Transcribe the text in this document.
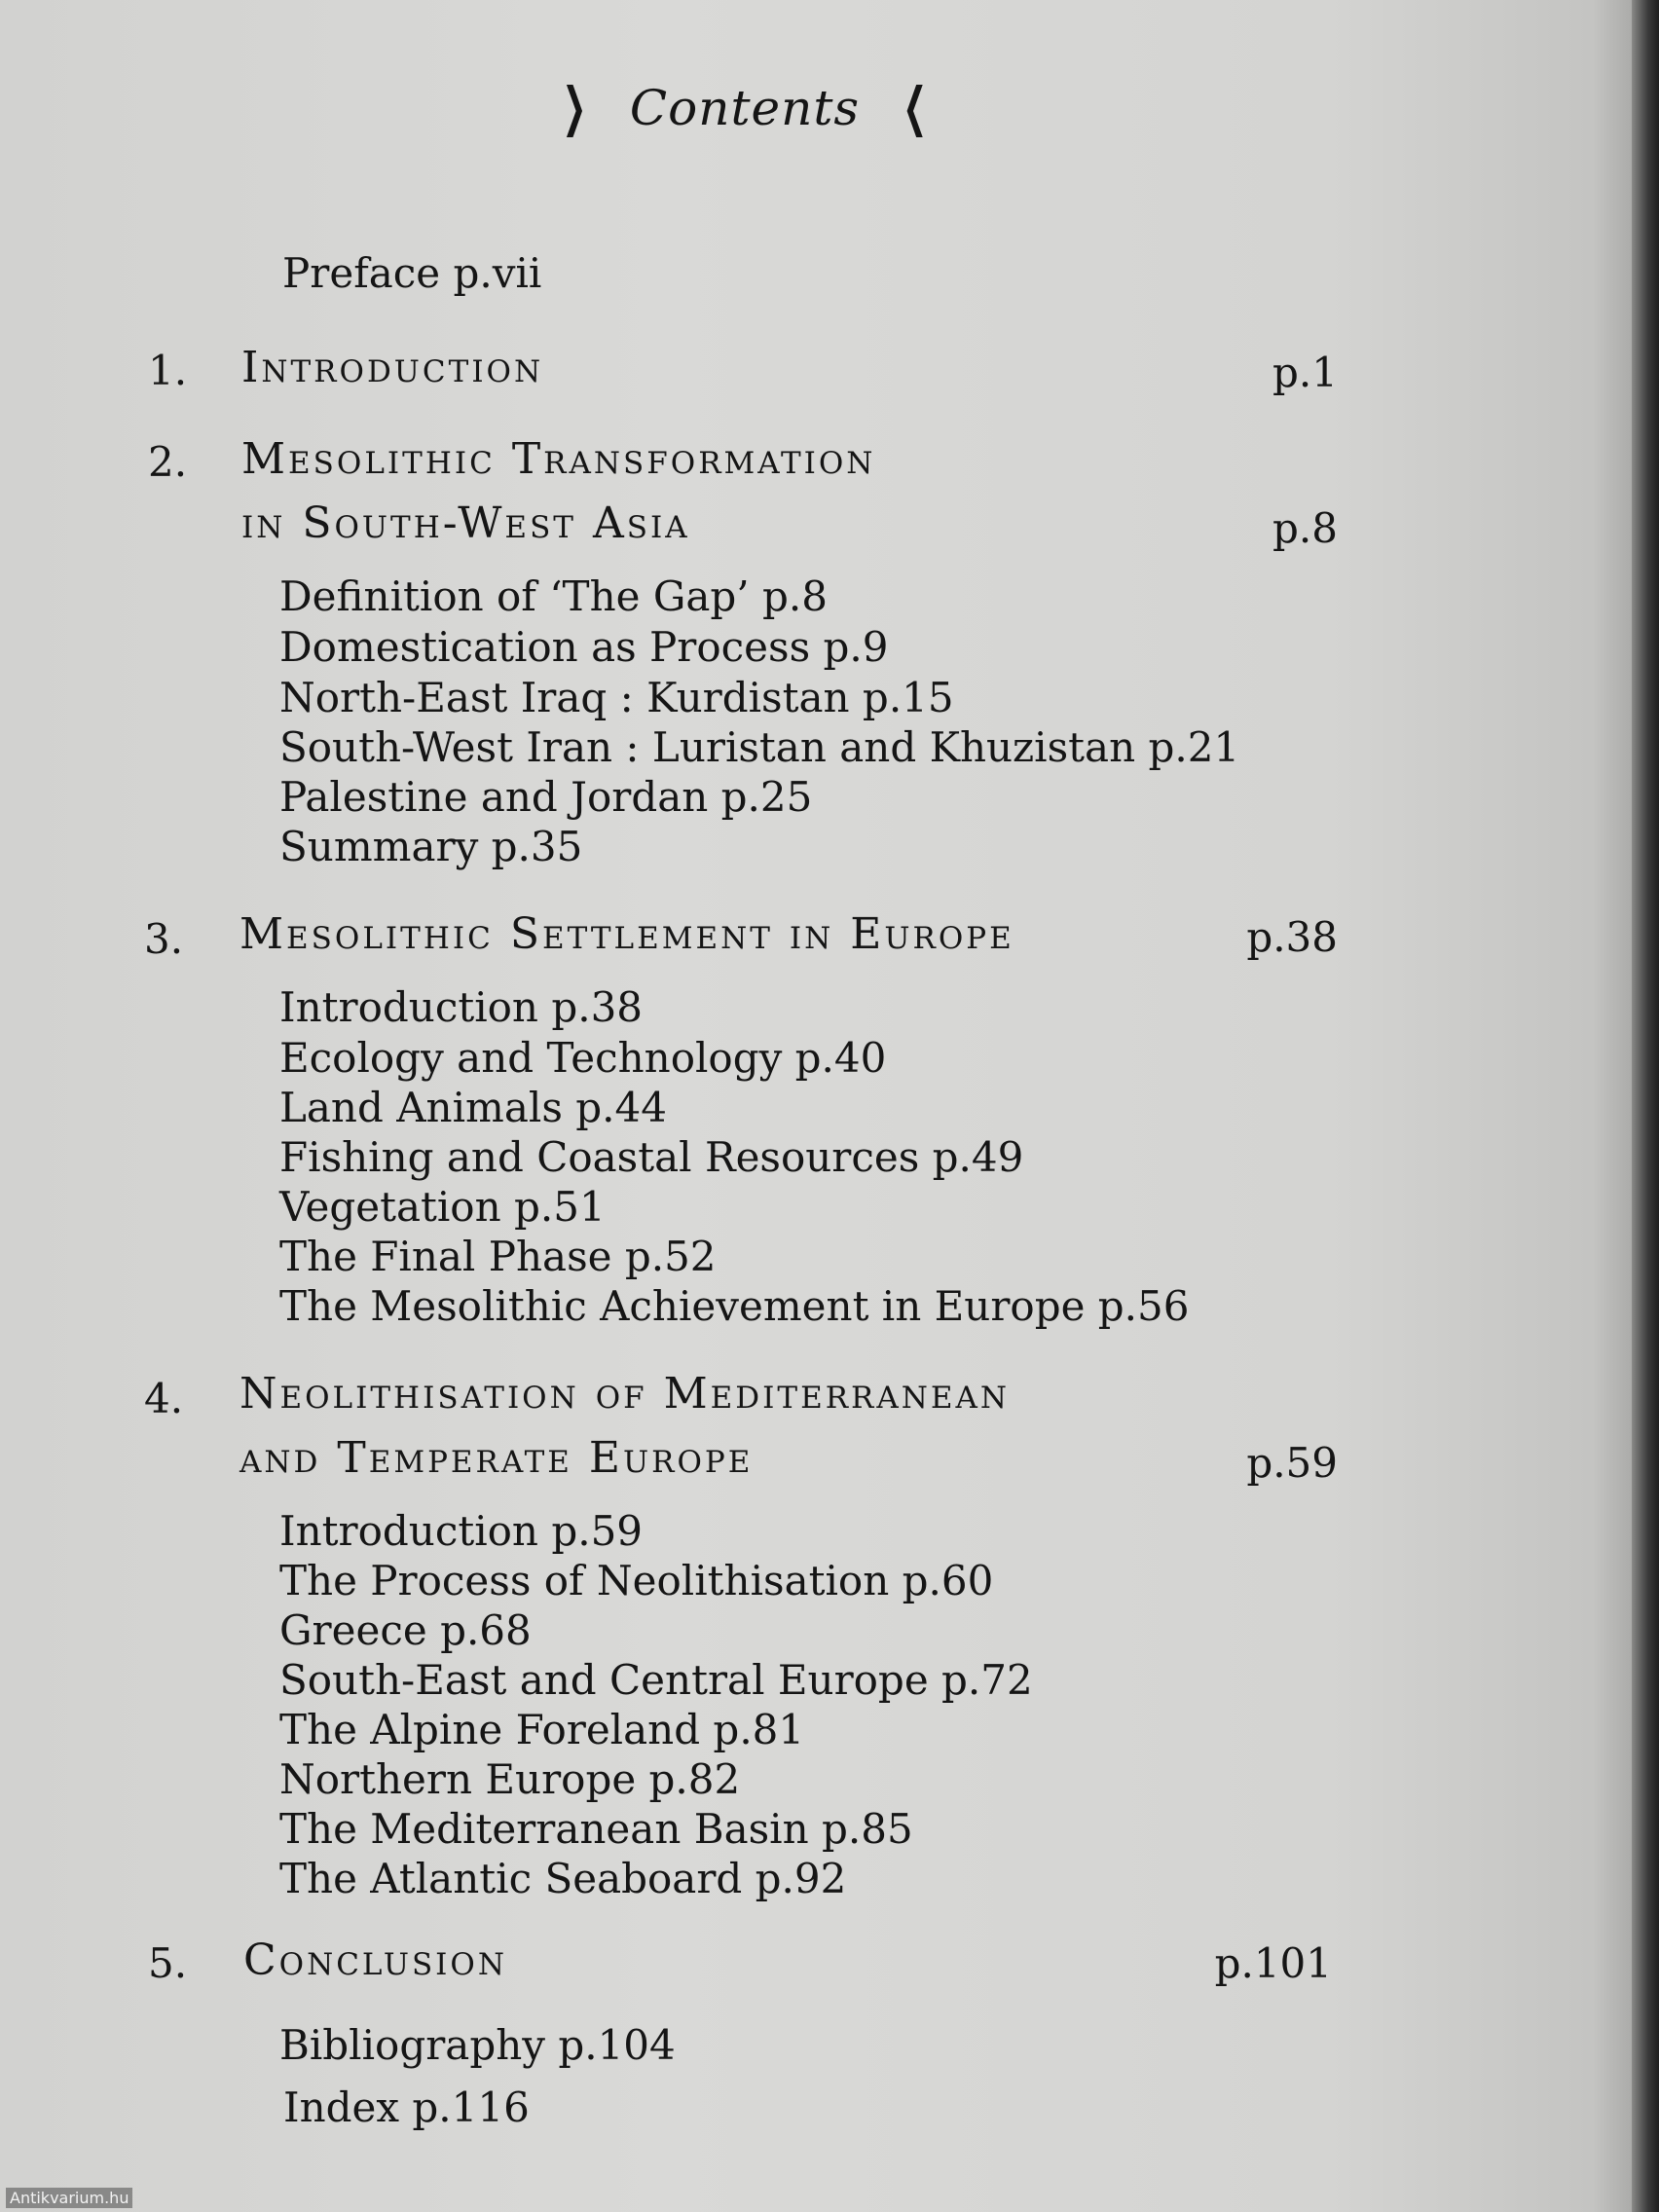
❯ Contents ❮
Preface p.vii
1. Introduction	p.1
2. Mesolithic Transformation
in South-West Asia	p.8
Definition of ‘The Gap’ p.8
Domestication as Process p.9
North-East Iraq : Kurdistan p.15
South-West Iran : Luristan and Khuzistan p.21
Palestine and Jordan p.25
Summary p.35
3. Mesolithic Settlement in Europe	p.38
Introduction p.38
Ecology and Technology p.40
Land Animals p.44
Fishing and Coastal Resources p.49
Vegetation p.51
The Final Phase p.52
The Mesolithic Achievement in Europe p.56
4. Neolithisation of Mediterranean
and Temperate Europe	p.59
Introduction p.59
The Process of Neolithisation p.60
Greece p.68
South-East and Central Europe p.72
The Alpine Foreland p.81
Northern Europe p.82
The Mediterranean Basin p.85
The Atlantic Seaboard p.92
5. Conclusion	p.101
Bibliography p.104
Index p.116
Antikvarium.hu
